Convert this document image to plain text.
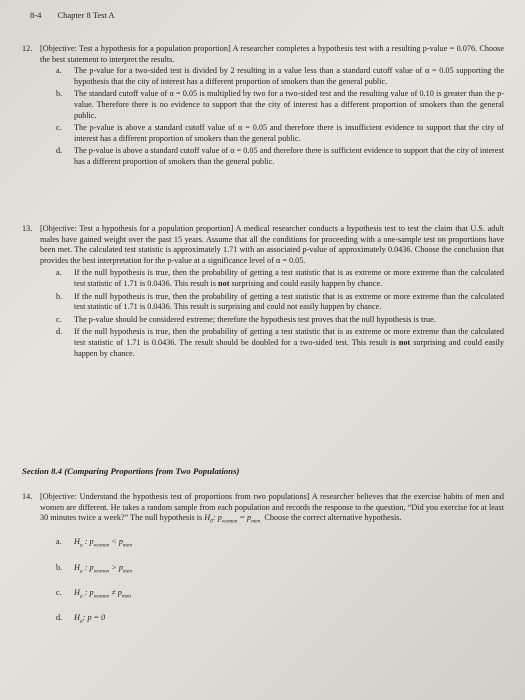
8-4 Chapter 8 Test A
12. [Objective: Test a hypothesis for a population proportion] A researcher completes a hypothesis test with a resulting p-value = 0.076. Choose the best statement to interpret the results.
a. The p-value for a two-sided test is divided by 2 resulting in a value less than a standard cutoff value of α = 0.05 supporting the hypothesis that the city of interest has a different proportion of smokers than the general public.
b. The standard cutoff value of α = 0.05 is multiplied by two for a two-sided test and the resulting value of 0.10 is greater than the p-value. Therefore there is no evidence to support that the city of interest has a different proportion of smokers than the general public.
c. The p-value is above a standard cutoff value of α = 0.05 and therefore there is insufficient evidence to support that the city of interest has a different proportion of smokers than the general public.
d. The p-value is above a standard cutoff value of α = 0.05 and therefore there is sufficient evidence to support that the city of interest has a different proportion of smokers than the general public.
13. [Objective: Test a hypothesis for a population proportion] A medical researcher conducts a hypothesis test to test the claim that U.S. adult males have gained weight over the past 15 years. Assume that all the conditions for proceeding with a one-sample test on proportions have been met. The calculated test statistic is approximately 1.71 with an associated p-value of approximately 0.0436. Choose the conclusion that provides the best interpretation for the p-value at a significance level of α = 0.05.
a. If the null hypothesis is true, then the probability of getting a test statistic that is as extreme or more extreme than the calculated test statistic of 1.71 is 0.0436. This result is not surprising and could easily happen by chance.
b. If the null hypothesis is true, then the probability of getting a test statistic that is as extreme or more extreme than the calculated test statistic of 1.71 is 0.0436. This result is surprising and could not easily happen by chance.
c. The p-value should be considered extreme; therefore the hypothesis test proves that the null hypothesis is true.
d. If the null hypothesis is true, then the probability of getting a test statistic that is as extreme or more extreme than the calculated test statistic of 1.71 is 0.0436. The result should be doubled for a two-sided test. This result is not surprising and could easily happen by chance.
Section 8.4 (Comparing Proportions from Two Populations)
14. [Objective: Understand the hypothesis test of proportions from two populations] A researcher believes that the exercise habits of men and women are different. He takes a random sample from each population and records the response to the question, “Did you exercise for at least 30 minutes twice a week?” The null hypothesis is $H_0$: $p_{women} = p_{men}$ Choose the correct alternative hypothesis.
a. $H_a$ : $p_{women} < p_{men}$
b. $H_a$ : $p_{women} > p_{men}$
c. $H_a$ : $p_{women} \ne p_{men}$
d. $H_a$: p = 0
